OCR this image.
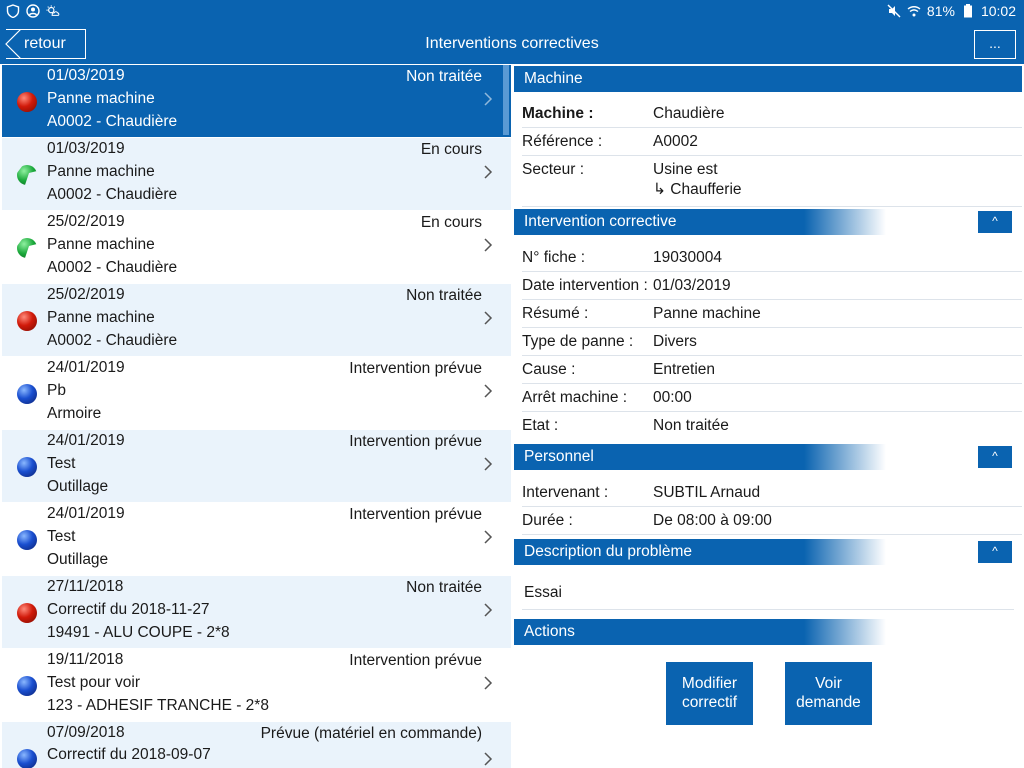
81% 10:02
retour	Interventions correctives	...
01/03/2019	Non traitée
Panne machine
A0002 - Chaudière
01/03/2019	En cours
Panne machine
A0002 - Chaudière
25/02/2019	En cours
Panne machine
A0002 - Chaudière
25/02/2019	Non traitée
Panne machine
A0002 - Chaudière
24/01/2019	Intervention prévue
Pb
Armoire
24/01/2019	Intervention prévue
Test
Outillage
24/01/2019	Intervention prévue
Test
Outillage
27/11/2018	Non traitée
Correctif du 2018-11-27
19491 - ALU COUPE - 2*8
19/11/2018	Intervention prévue
Test pour voir
123 - ADHESIF TRANCHE - 2*8
07/09/2018	Prévue (matériel en commande)
Correctif du 2018-09-07
Machine
Machine :	Chaudière
Référence :	A0002
Secteur :	Usine est
↳ Chaufferie
Intervention corrective	^
N° fiche :	19030004
Date intervention : 01/03/2019
Résumé :	Panne machine
Type de panne : Divers
Cause :	Entretien
Arrêt machine : 00:00
Etat :	Non traitée
Personnel	^
Intervenant :	SUBTIL Arnaud
Durée :	De 08:00 à 09:00
Description du problème	^
Essai
Actions
Modifier
correctif
Voir
demande
